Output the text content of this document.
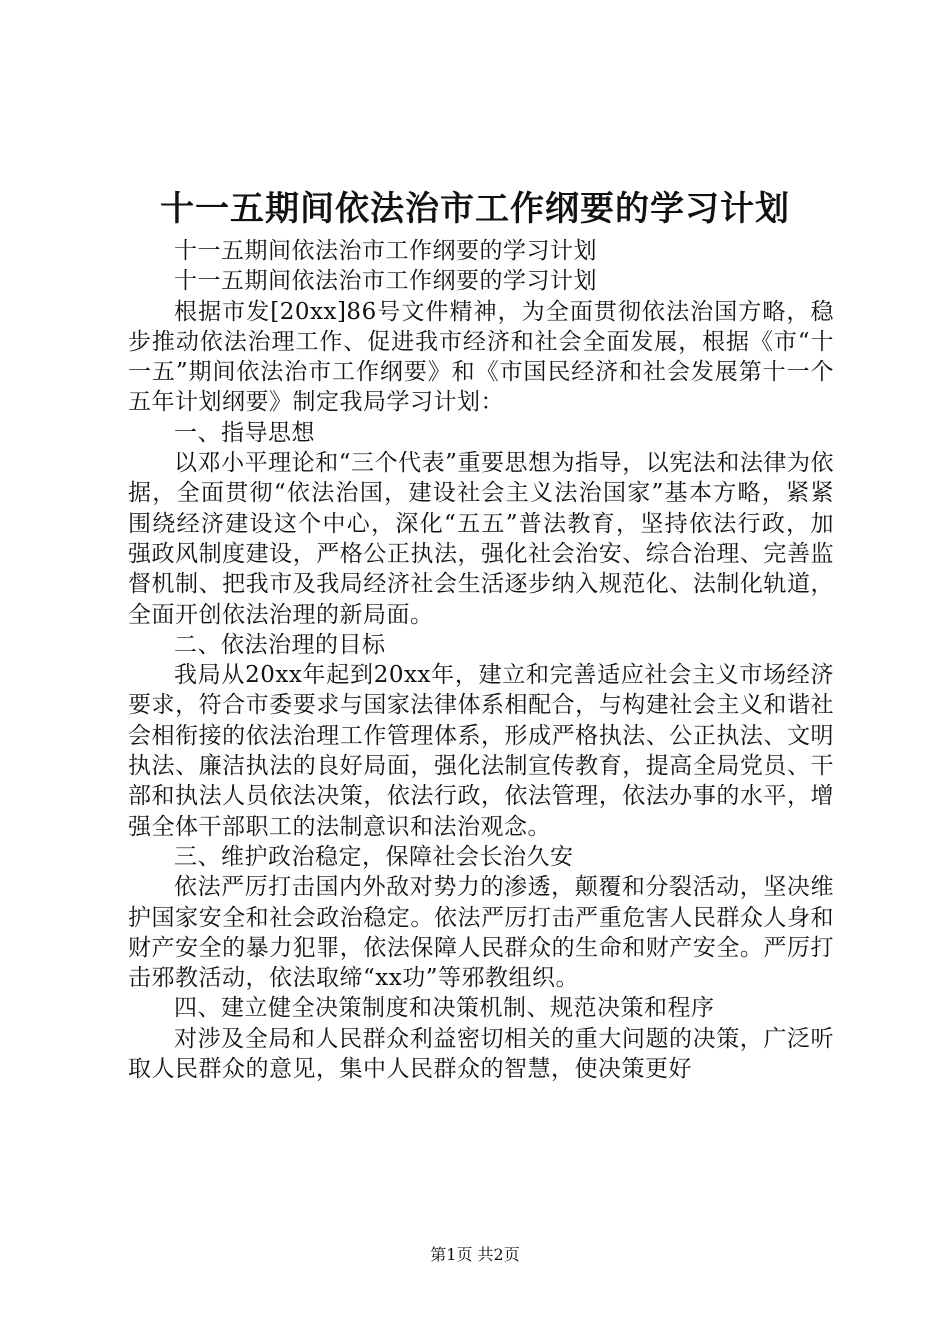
十一五期间依法治市工作纲要的学习计划

十一五期间依法治市工作纲要的学习计划

十一五期间依法治市工作纲要的学习计划

根据市发[20xx]86号文件精神，为全面贯彻依法治国方略，稳步推动依法治理工作、促进我市经济和社会全面发展，根据《市“十一五”期间依法治市工作纲要》和《市国民经济和社会发展第十一个五年计划纲要》制定我局学习计划：

一、指导思想

以邓小平理论和“三个代表”重要思想为指导，以宪法和法律为依据，全面贯彻“依法治国，建设社会主义法治国家”基本方略，紧紧围绕经济建设这个中心，深化“五五”普法教育，坚持依法行政，加强政风制度建设，严格公正执法，强化社会治安、综合治理、完善监督机制、把我市及我局经济社会生活逐步纳入规范化、法制化轨道，全面开创依法治理的新局面。

二、依法治理的目标

我局从20xx年起到20xx年，建立和完善适应社会主义市场经济要求，符合市委要求与国家法律体系相配合，与构建社会主义和谐社会相衔接的依法治理工作管理体系，形成严格执法、公正执法、文明执法、廉洁执法的良好局面，强化法制宣传教育，提高全局党员、干部和执法人员依法决策，依法行政，依法管理，依法办事的水平，增强全体干部职工的法制意识和法治观念。

三、维护政治稳定，保障社会长治久安

依法严厉打击国内外敌对势力的渗透，颠覆和分裂活动，坚决维护国家安全和社会政治稳定。依法严厉打击严重危害人民群众人身和财产安全的暴力犯罪，依法保障人民群众的生命和财产安全。严厉打击邪教活动，依法取缔“xx功”等邪教组织。

四、建立健全决策制度和决策机制、规范决策和程序

对涉及全局和人民群众利益密切相关的重大问题的决策，广泛听取人民群众的意见，集中人民群众的智慧，使决策更好

第1页 共2页
